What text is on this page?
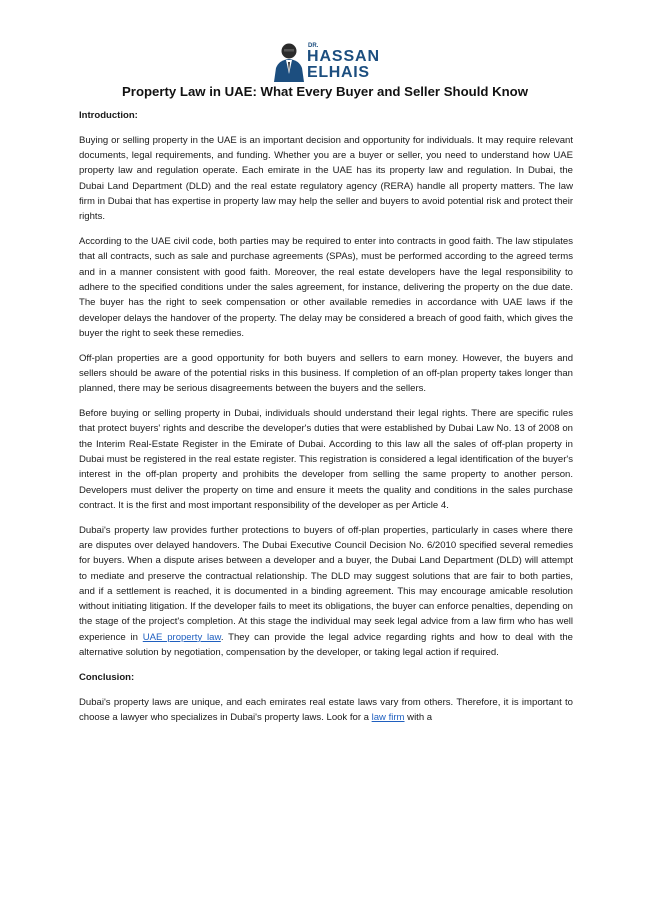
DR.
HASSAN
ELHAIS
Property Law in UAE: What Every Buyer and Seller Should Know

Introduction:

Buying or selling property in the UAE is an important decision and opportunity for individuals. It may require relevant documents, legal requirements, and funding. Whether you are a buyer or seller, you need to understand how UAE property law and regulation operate. Each emirate in the UAE has its property law and regulation. In Dubai, the Dubai Land Department (DLD) and the real estate regulatory agency (RERA) handle all property matters. The law firm in Dubai that has expertise in property law may help the seller and buyers to avoid potential risk and protect their rights.

According to the UAE civil code, both parties may be required to enter into contracts in good faith. The law stipulates that all contracts, such as sale and purchase agreements (SPAs), must be performed according to the agreed terms and in a manner consistent with good faith. Moreover, the real estate developers have the legal responsibility to adhere to the specified conditions under the sales agreement, for instance, delivering the property on the due date. The buyer has the right to seek compensation or other available remedies in accordance with UAE laws if the developer delays the handover of the property. The delay may be considered a breach of good faith, which gives the buyer the right to seek these remedies.

Off-plan properties are a good opportunity for both buyers and sellers to earn money. However, the buyers and sellers should be aware of the potential risks in this business. If completion of an off-plan property takes longer than planned, there may be serious disagreements between the buyers and the sellers.

Before buying or selling property in Dubai, individuals should understand their legal rights. There are specific rules that protect buyers' rights and describe the developer's duties that were established by Dubai Law No. 13 of 2008 on the Interim Real-Estate Register in the Emirate of Dubai. According to this law all the sales of off-plan property in Dubai must be registered in the real estate register. This registration is considered a legal identification of the buyer's interest in the off-plan property and prohibits the developer from selling the same property to another person. Developers must deliver the property on time and ensure it meets the quality and conditions in the sales purchase contract. It is the first and most important responsibility of the developer as per Article 4.

Dubai's property law provides further protections to buyers of off-plan properties, particularly in cases where there are disputes over delayed handovers. The Dubai Executive Council Decision No. 6/2010 specified several remedies for buyers. When a dispute arises between a developer and a buyer, the Dubai Land Department (DLD) will attempt to mediate and preserve the contractual relationship. The DLD may suggest solutions that are fair to both parties, and if a settlement is reached, it is documented in a binding agreement. This may encourage amicable resolution without initiating litigation. If the developer fails to meet its obligations, the buyer can enforce penalties, depending on the stage of the project's completion. At this stage the individual may seek legal advice from a law firm who has well experience in UAE property law. They can provide the legal advice regarding rights and how to deal with the alternative solution by negotiation, compensation by the developer, or taking legal action if required.

Conclusion:

Dubai's property laws are unique, and each emirates real estate laws vary from others. Therefore, it is important to choose a lawyer who specializes in Dubai's property laws. Look for a law firm with a
